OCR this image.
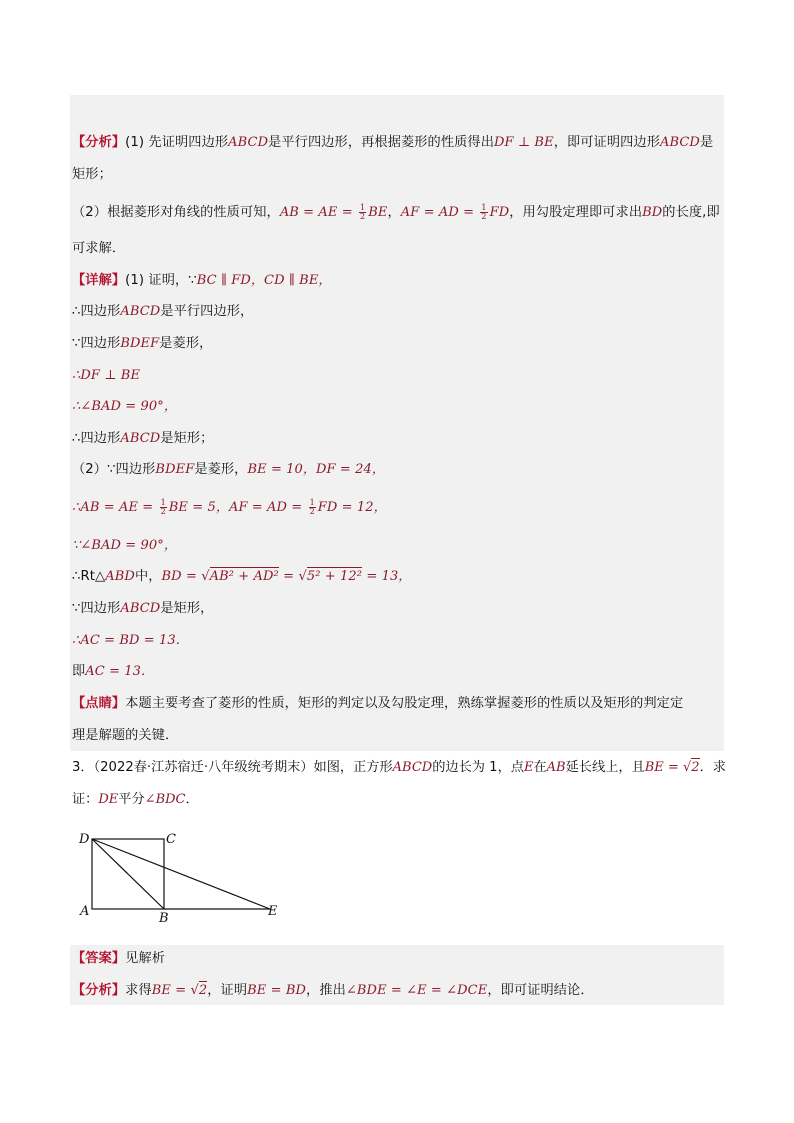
【分析】(1) 先证明四边形ABCD是平行四边形，再根据菱形的性质得出DF ⊥ BE，即可证明四边形ABCD是
矩形；
（2）根据菱形对角线的性质可知，AB = AE = $\frac{1}{2}$ BE，AF = AD = $\frac{1}{2}$ FD，用勾股定理即可求出BD的长度,即
可求解．
【详解】(1) 证明，∵BC ∥ FD，CD ∥ BE，
∴四边形ABCD是平行四边形，
∵四边形BDEF是菱形，
∴DF ⊥ BE
∴∠BAD = 90°，
∴四边形ABCD是矩形；
（2）∵四边形BDEF是菱形，BE = 10，DF = 24，
∴AB = AE = $\frac{1}{2}$ BE = 5，AF = AD = $\frac{1}{2}$ FD = 12，
∵∠BAD = 90°，
∴Rt△ABD中，BD = √AB² + AD² = √5² + 12² = 13，
∵四边形ABCD是矩形，
∴AC = BD = 13.
即AC = 13．
【点睛】本题主要考查了菱形的性质，矩形的判定以及勾股定理，熟练掌握菱形的性质以及矩形的判定定
理是解题的关键．
3．（2022春·江苏宿迁·八年级统考期末）如图，正方形ABCD的边长为 1，点E在AB延长线上，且BE = √2．求
证：DE平分∠BDC．
D	C
A	B	E
【答案】见解析
【分析】求得BE = √2，证明BE = BD，推出∠BDE = ∠E = ∠DCE，即可证明结论．
